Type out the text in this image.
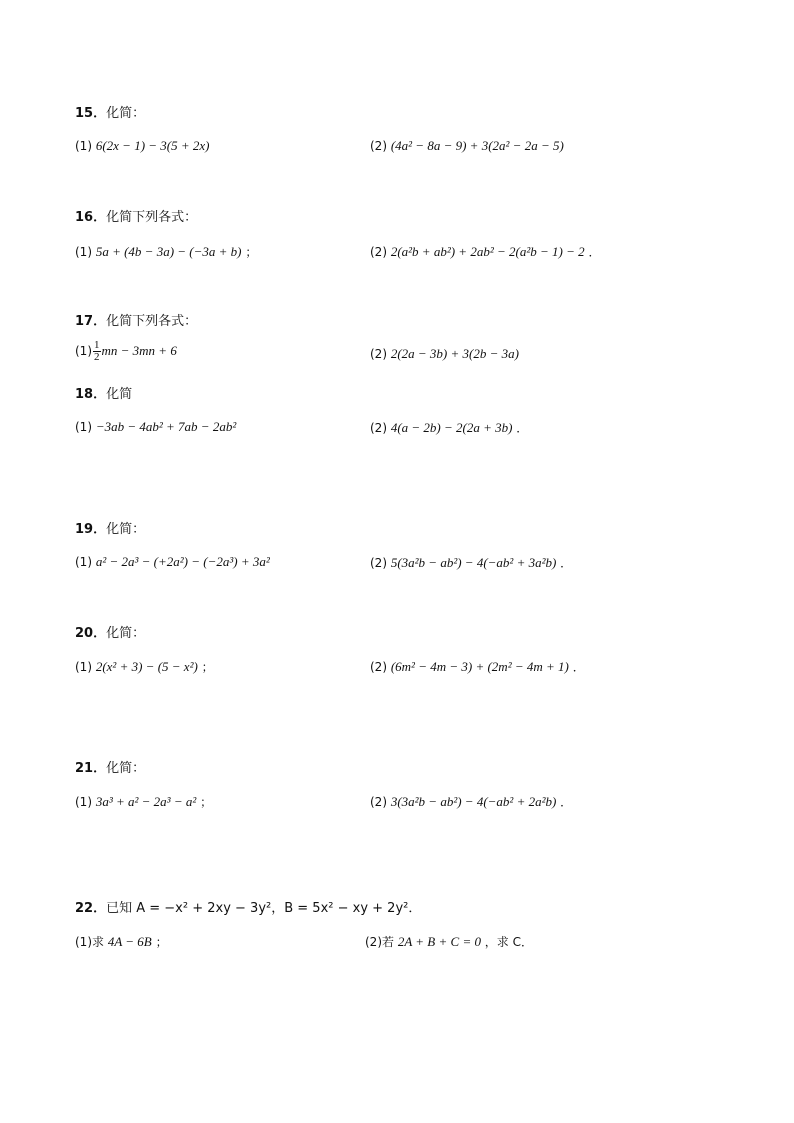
15．化简：
(1) 6(2x − 1) − 3(5 + 2x)	(2) (4a² − 8a − 9) + 3(2a² − 2a − 5)
16．化简下列各式：
(1) 5a + (4b − 3a) − (−3a + b) ；	(2) 2(a²b + ab²) + 2ab² − 2(a²b − 1) − 2 ．
17．化简下列各式：
$(1) \frac{1}{2}$ mn − 3mn + 6	(2) 2(2a − 3b) + 3(2b − 3a)
18．化简
(1) −3ab − 4ab² + 7ab − 2ab²	(2) 4(a − 2b) − 2(2a + 3b) ．
19．化简：
(1) a² − 2a³ − (+2a²) − (−2a³) + 3a²	(2) 5(3a²b − ab²) − 4(−ab² + 3a²b) ．
20．化简：
(1) 2(x² + 3) − (5 − x²) ；	(2) (6m² − 4m − 3) + (2m² − 4m + 1) ．
21．化简：
(1) 3a³ + a² − 2a³ − a² ；	(2) 3(3a²b − ab²) − 4(−ab² + 2a²b) ．
22．已知 A = −x² + 2xy − 3y²，B = 5x² − xy + 2y²．
(1)求 4A − 6B ；	(2)若 2A + B + C = 0 ，求 C．
